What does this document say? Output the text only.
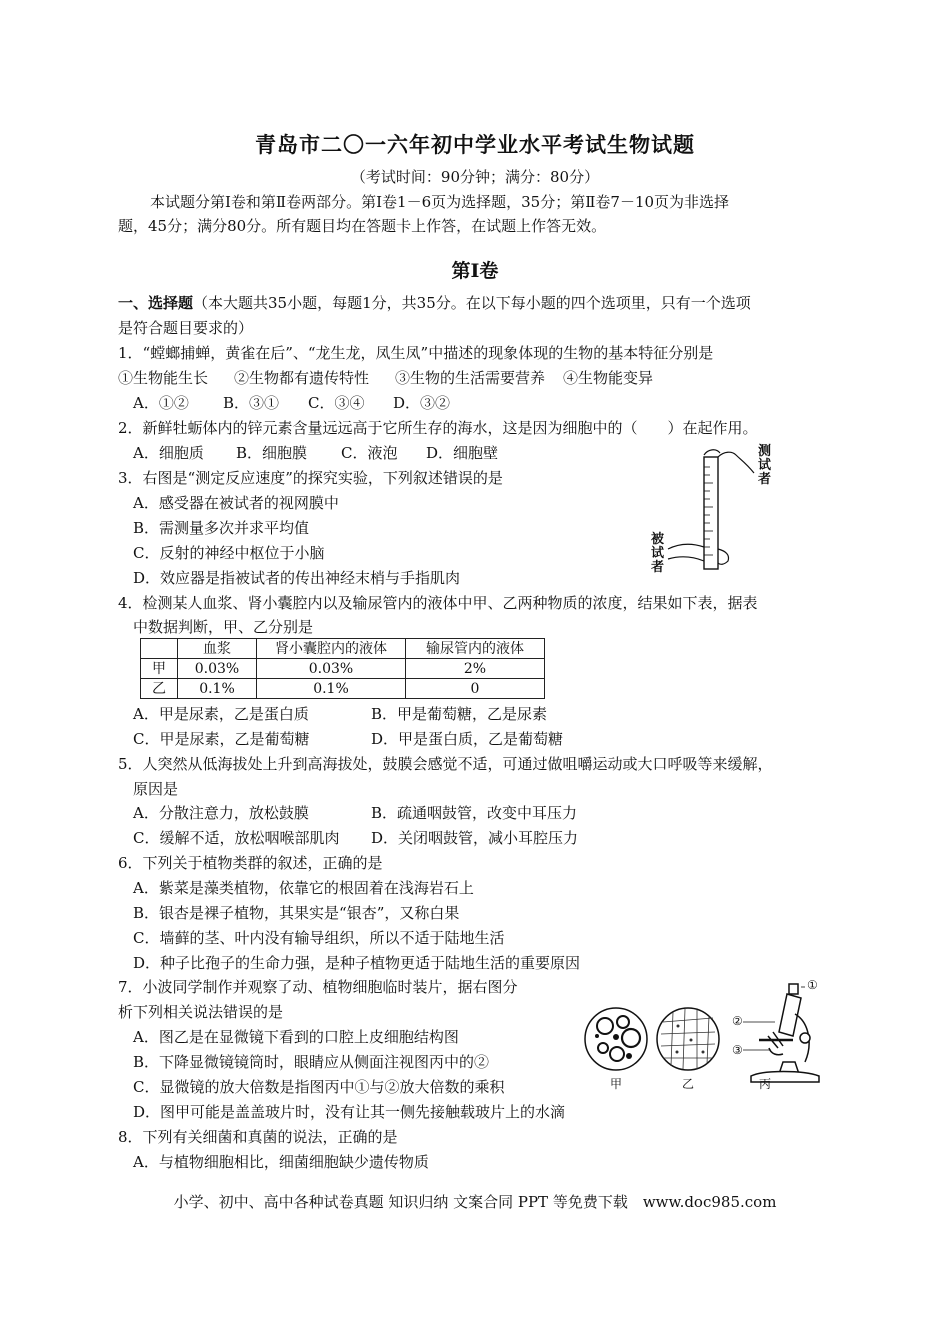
青岛市二〇一六年初中学业水平考试生物试题
（考试时间：90分钟；满分：80分）
本试题分第Ⅰ卷和第Ⅱ卷两部分。第Ⅰ卷1－6页为选择题，35分；第Ⅱ卷7－10页为非选择
题，45分；满分80分。所有题目均在答题卡上作答，在试题上作答无效。
第Ⅰ卷
一、选择题（本大题共35小题，每题1分，共35分。在以下每小题的四个选项里，只有一个选项
是符合题目要求的）
1．“螳螂捕蝉，黄雀在后”、“龙生龙，凤生凤”中描述的现象体现的生物的基本特征分别是
①生物能生长 ②生物都有遗传特性 ③生物的生活需要营养 ④生物能变异
A．①② B．③① C．③④ D．③②
2．新鲜牡蛎体内的锌元素含量远远高于它所生存的海水，这是因为细胞中的（　　）在起作用。
A．细胞质 B．细胞膜 C．液泡 D．细胞壁
3．右图是“测定反应速度”的探究实验，下列叙述错误的是
A．感受器在被试者的视网膜中
B．需测量多次并求平均值
C．反射的神经中枢位于小脑
D．效应器是指被试者的传出神经末梢与手指肌肉
测试者
被试者
4．检测某人血浆、肾小囊腔内以及输尿管内的液体中甲、乙两种物质的浓度，结果如下表，据表
中数据判断，甲、乙分别是
	血浆	肾小囊腔内的液体	输尿管内的液体
甲	0.03%	0.03%	2%
乙	0.1%	0.1%	0
A．甲是尿素，乙是蛋白质	B．甲是葡萄糖，乙是尿素
C．甲是尿素，乙是葡萄糖	D．甲是蛋白质，乙是葡萄糖
5．人突然从低海拔处上升到高海拔处，鼓膜会感觉不适，可通过做咀嚼运动或大口呼吸等来缓解，
原因是
A．分散注意力，放松鼓膜	B．疏通咽鼓管，改变中耳压力
C．缓解不适，放松咽喉部肌肉 D．关闭咽鼓管，减小耳腔压力
6．下列关于植物类群的叙述，正确的是
A．紫菜是藻类植物，依靠它的根固着在浅海岩石上
B．银杏是裸子植物，其果实是“银杏”，又称白果
C．墙藓的茎、叶内没有输导组织，所以不适于陆地生活
D．种子比孢子的生命力强，是种子植物更适于陆地生活的重要原因
7．小波同学制作并观察了动、植物细胞临时装片，据右图分
析下列相关说法错误的是
A．图乙是在显微镜下看到的口腔上皮细胞结构图
B．下降显微镜镜筒时，眼睛应从侧面注视图丙中的②
C．显微镜的放大倍数是指图丙中①与②放大倍数的乘积
D．图甲可能是盖盖玻片时，没有让其一侧先接触载玻片上的水滴
①
②
③
甲	乙	丙
8．下列有关细菌和真菌的说法，正确的是
A．与植物细胞相比，细菌细胞缺少遗传物质
小学、初中、高中各种试卷真题 知识归纳 文案合同 PPT 等免费下载　www.doc985.com
